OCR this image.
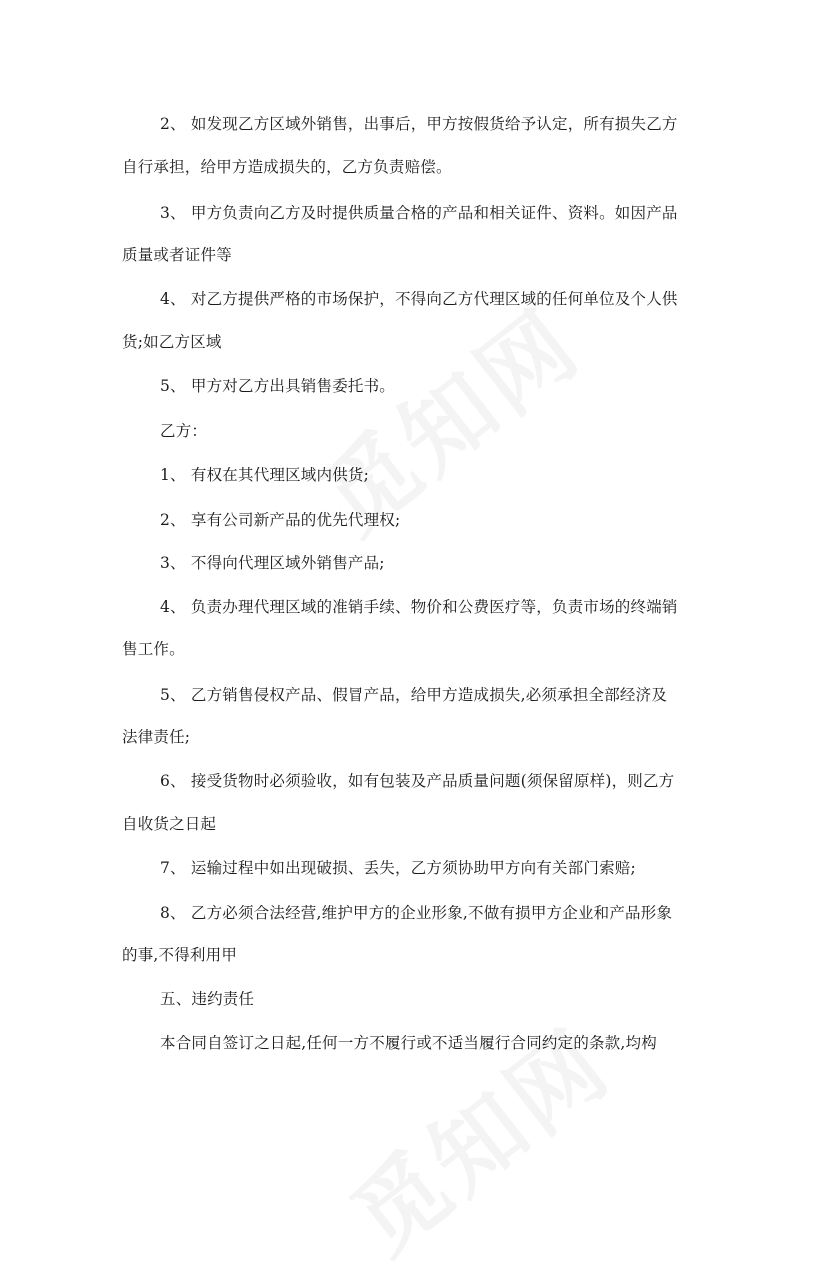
2、 如发现乙方区域外销售，出事后，甲方按假货给予认定，所有损失乙方

自行承担，给甲方造成损失的，乙方负责赔偿。

3、 甲方负责向乙方及时提供质量合格的产品和相关证件、资料。如因产品

质量或者证件等

4、 对乙方提供严格的市场保护，不得向乙方代理区域的任何单位及个人供

货;如乙方区域

5、 甲方对乙方出具销售委托书。

乙方：

1、 有权在其代理区域内供货;

2、 享有公司新产品的优先代理权;

3、 不得向代理区域外销售产品;

4、 负责办理代理区域的准销手续、物价和公费医疗等，负责市场的终端销

售工作。

5、 乙方销售侵权产品、假冒产品，给甲方造成损失,必须承担全部经济及

法律责任;

6、 接受货物时必须验收，如有包装及产品质量问题(须保留原样)，则乙方

自收货之日起

7、 运输过程中如出现破损、丢失，乙方须协助甲方向有关部门索赔;

8、 乙方必须合法经营,维护甲方的企业形象,不做有损甲方企业和产品形象

的事,不得利用甲

五、违约责任

本合同自签订之日起,任何一方不履行或不适当履行合同约定的条款,均构
